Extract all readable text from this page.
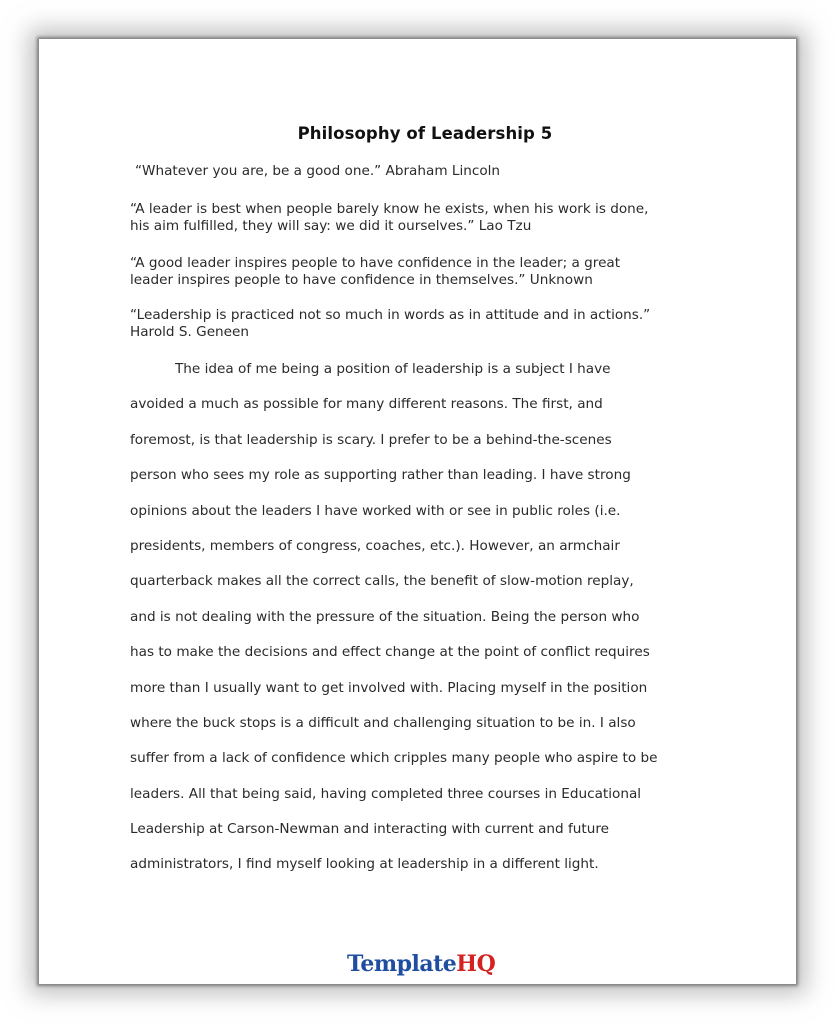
Philosophy of Leadership 5
“Whatever you are, be a good one.” Abraham Lincoln
“A leader is best when people barely know he exists, when his work is done,
his aim fulfilled, they will say: we did it ourselves.” Lao Tzu
“A good leader inspires people to have confidence in the leader; a great
leader inspires people to have confidence in themselves.” Unknown
“Leadership is practiced not so much in words as in attitude and in actions.”
Harold S. Geneen
The idea of me being a position of leadership is a subject I have
avoided a much as possible for many different reasons. The first, and
foremost, is that leadership is scary. I prefer to be a behind-the-scenes
person who sees my role as supporting rather than leading. I have strong
opinions about the leaders I have worked with or see in public roles (i.e.
presidents, members of congress, coaches, etc.). However, an armchair
quarterback makes all the correct calls, the benefit of slow-motion replay,
and is not dealing with the pressure of the situation. Being the person who
has to make the decisions and effect change at the point of conflict requires
more than I usually want to get involved with. Placing myself in the position
where the buck stops is a difficult and challenging situation to be in. I also
suffer from a lack of confidence which cripples many people who aspire to be
leaders. All that being said, having completed three courses in Educational
Leadership at Carson-Newman and interacting with current and future
administrators, I find myself looking at leadership in a different light.
TemplateHQ
